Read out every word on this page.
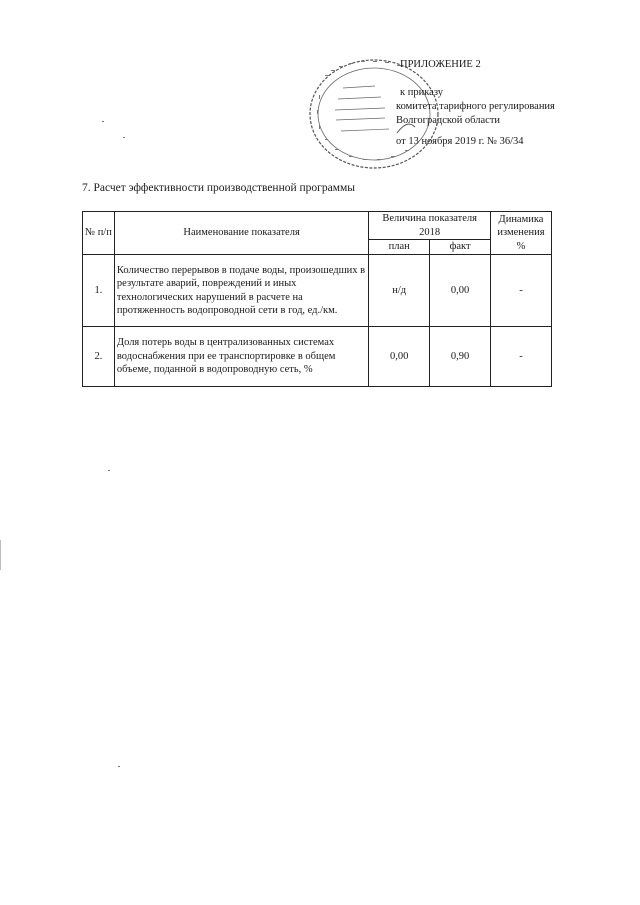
ПРИЛОЖЕНИЕ 2
к приказу
комитета тарифного регулирования
Волгоградской области
от 13 ноября 2019 г. № 36/34
7. Расчет эффективности производственной программы
№ п/п	Наименование показателя	Величина показателя 2018		Динамика изменения %
		план	факт	
1.	Количество перерывов в подаче воды, произошедших в результате аварий, повреждений и иных технологических нарушений в расчете на протяженность водопроводной сети в год, ед./км.	н/д	0,00	-
2.	Доля потерь воды в централизованных системах водоснабжения при ее транспортировке в общем объеме, поданной в водопроводную сеть, %	0,00	0,90	-
